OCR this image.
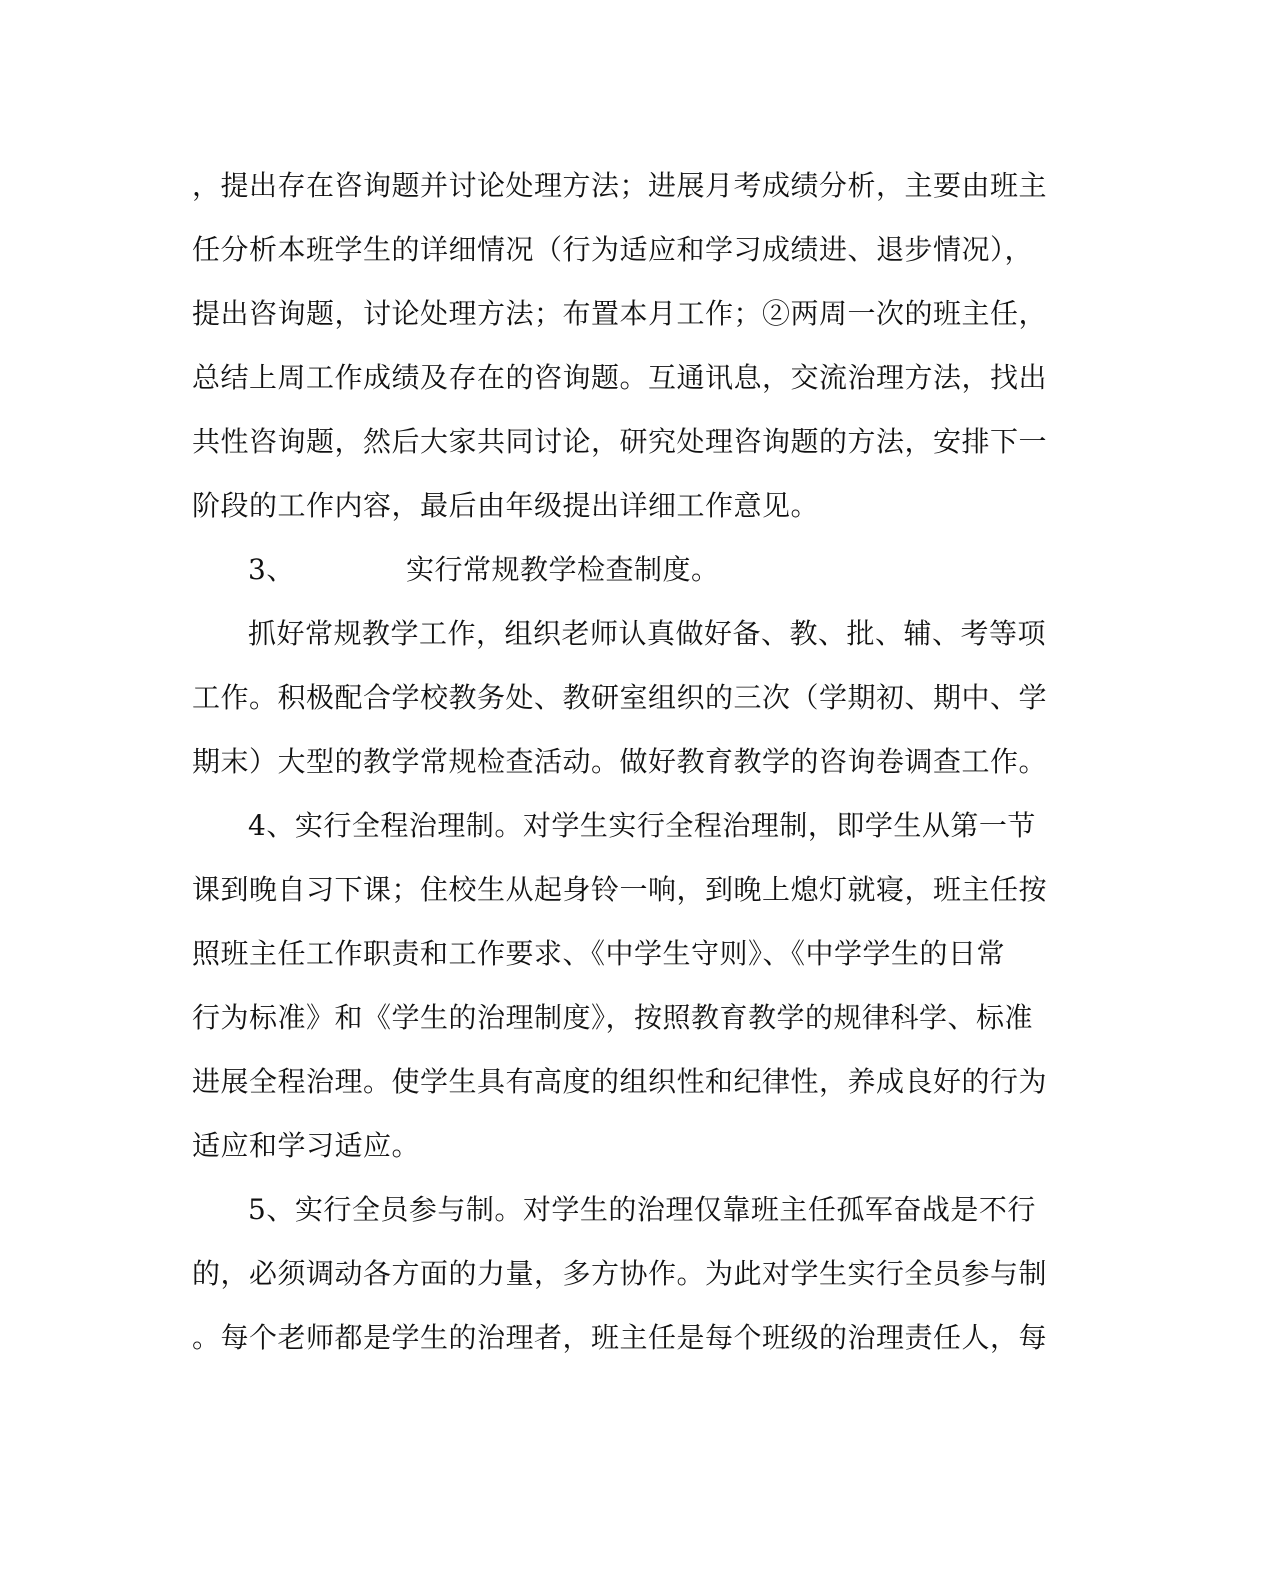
，提出存在咨询题并讨论处理方法；进展月考成绩分析，主要由班主
任分析本班学生的详细情况（行为适应和学习成绩进、退步情况），
提出咨询题，讨论处理方法；布置本月工作；②两周一次的班主任，
总结上周工作成绩及存在的咨询题。互通讯息，交流治理方法，找出
共性咨询题，然后大家共同讨论，研究处理咨询题的方法，安排下一
阶段的工作内容，最后由年级提出详细工作意见。
3、	实行常规教学检查制度。
抓好常规教学工作，组织老师认真做好备、教、批、辅、考等项
工作。积极配合学校教务处、教研室组织的三次（学期初、期中、学
期末）大型的教学常规检查活动。做好教育教学的咨询卷调查工作。
4、实行全程治理制。对学生实行全程治理制，即学生从第一节
课到晚自习下课；住校生从起身铃一响，到晚上熄灯就寝，班主任按
照班主任工作职责和工作要求、《中学生守则》、《中学学生的日常
行为标准》和《学生的治理制度》，按照教育教学的规律科学、标准
进展全程治理。使学生具有高度的组织性和纪律性，养成良好的行为
适应和学习适应。
5、实行全员参与制。对学生的治理仅靠班主任孤军奋战是不行
的，必须调动各方面的力量，多方协作。为此对学生实行全员参与制
。每个老师都是学生的治理者，班主任是每个班级的治理责任人，每
